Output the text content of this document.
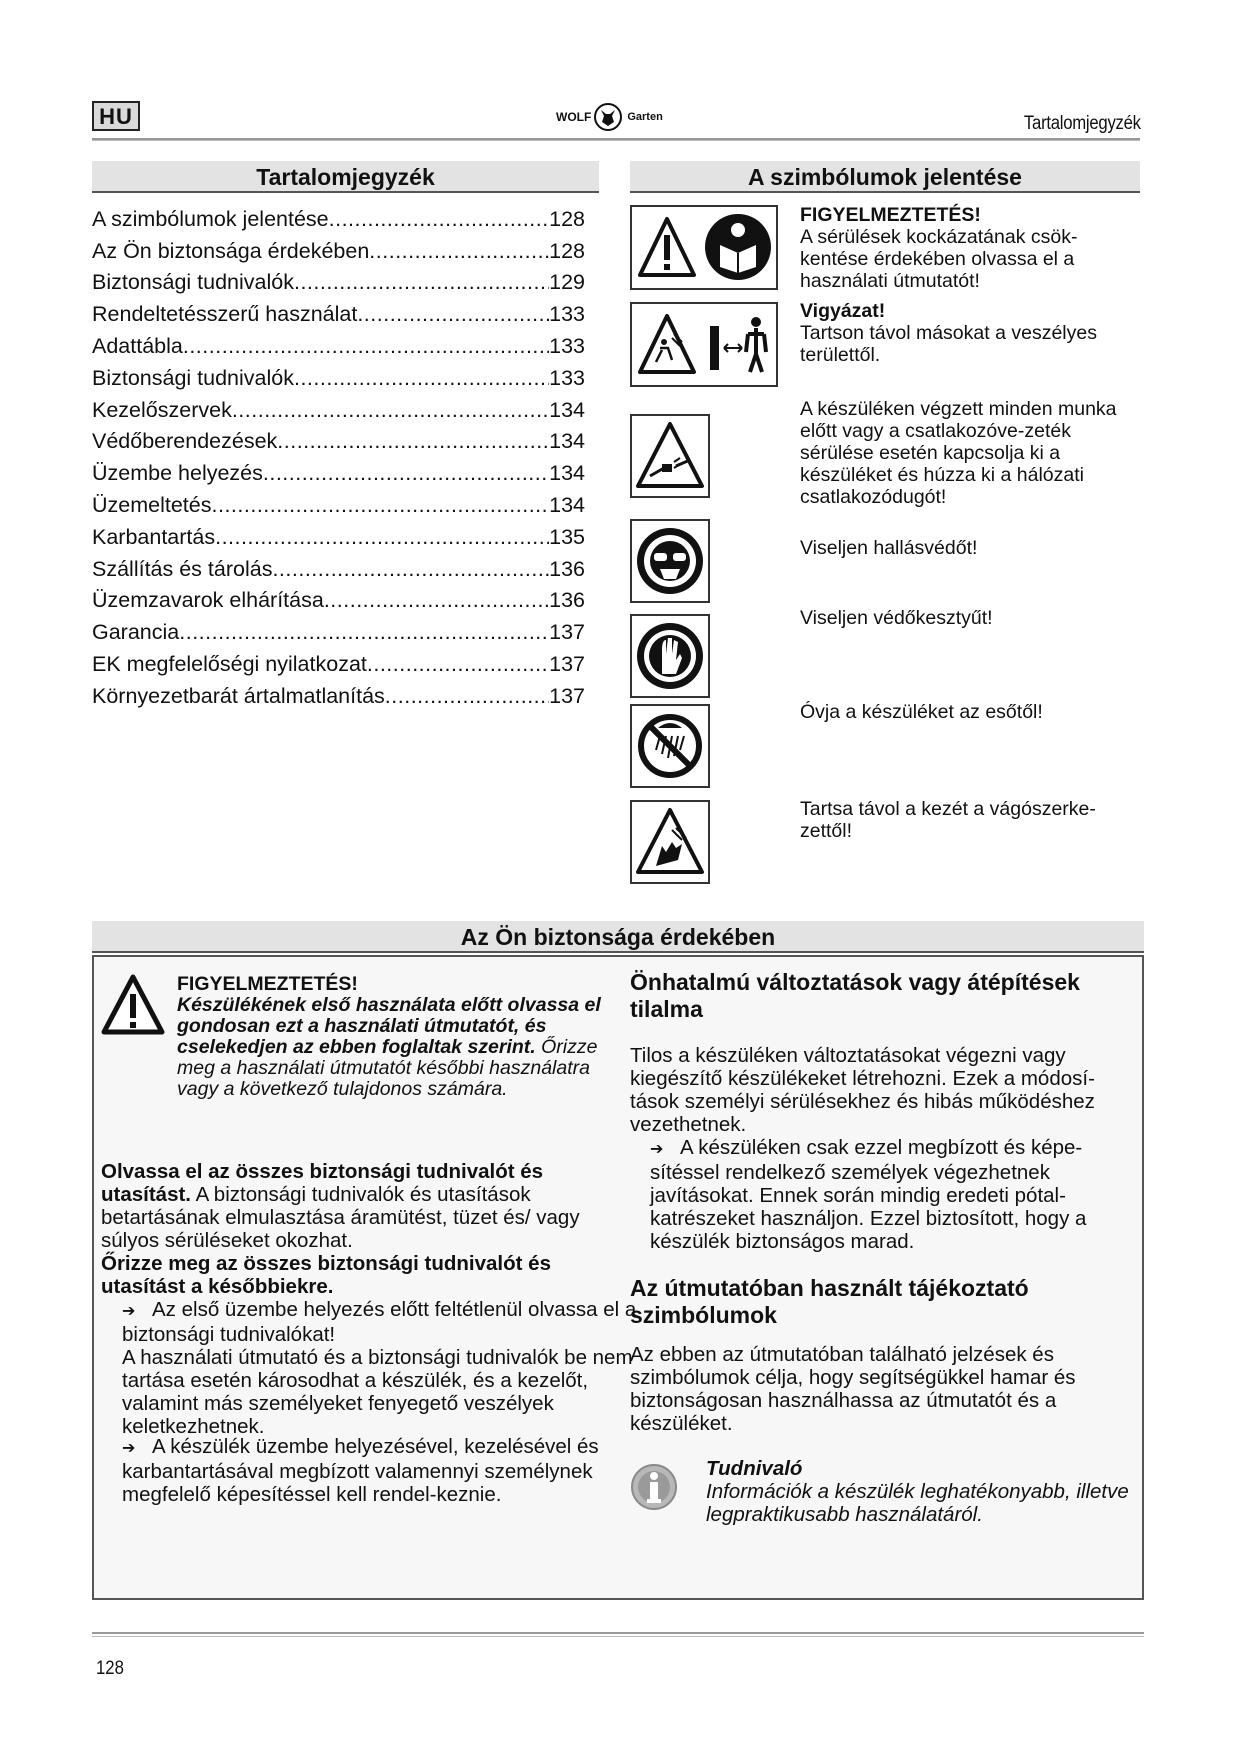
HU	WOLF	Garten	Tartalomjegyzék
Tartalomjegyzék
A szimbólumok jelentése .....	128
Az Ön biztonsága érdekében .....	128
Biztonsági tudnivalók .....	129
Rendeltetésszerű használat .....	133
Adattábla .....	133
Biztonsági tudnivalók .....	133
Kezelőszervek .....	134
Védőberendezések .....	134
Üzembe helyezés .....	134
Üzemeltetés .....	134
Karbantartás .....	135
Szállítás és tárolás .....	136
Üzemzavarok elhárítása .....	136
Garancia .....	137
EK megfelelőségi nyilatkozat .....	137
Környezetbarát ártalmatlanítás .....	137
A szimbólumok jelentése
FIGYELMEZTETÉS!
A sérülések kockázatának csök-kentése érdekében olvassa el a használati útmutatót!
Vigyázat!
Tartson távol másokat a veszélyes területtől.
A készüléken végzett minden munka előtt vagy a csatlakozóve-zeték sérülése esetén kapcsolja ki a készüléket és húzza ki a hálózati csatlakozódugót!
Viseljen hallásvédőt!
Viseljen védőkesztyűt!
Óvja a készüléket az esőtől!
Tartsa távol a kezét a vágószerke-zettől!
Az Ön biztonsága érdekében
FIGYELMEZTETÉS!
Készülékének első használata előtt olvassa el gondosan ezt a használati útmutatót, és cselekedjen az ebben foglaltak szerint. Őrizze meg a használati útmutatót későbbi használatra vagy a következő tulajdonos számára.
Olvassa el az összes biztonsági tudnivalót és utasítást. A biztonsági tudnivalók és utasítások betartásának elmulasztása áramütést, tüzet és/ vagy súlyos sérüléseket okozhat.
Őrizze meg az összes biztonsági tudnivalót és utasítást a későbbiekre.
➔ Az első üzembe helyezés előtt feltétlenül olvassa el a biztonsági tudnivalókat!
A használati útmutató és a biztonsági tudnivalók be nem tartása esetén károsodhat a készülék, és a kezelőt, valamint más személyeket fenyegető veszélyek keletkezhetnek.
➔ A készülék üzembe helyezésével, kezelésével és karbantartásával megbízott valamennyi személynek megfelelő képesítéssel kell rendel-keznie.
Önhatalmú változtatások vagy átépítések tilalma
Tilos a készüléken változtatásokat végezni vagy kiegészítő készülékeket létrehozni. Ezek a módosí-tások személyi sérülésekhez és hibás működéshez vezethetnek.
➔ A készüléken csak ezzel megbízott és képe-sítéssel rendelkező személyek végezhetnek javításokat. Ennek során mindig eredeti pótal-katrészeket használjon. Ezzel biztosított, hogy a készülék biztonságos marad.
Az útmutatóban használt tájékoztató szimbólumok
Az ebben az útmutatóban található jelzések és szimbólumok célja, hogy segítségükkel hamar és biztonságosan használhassa az útmutatót és a készüléket.
Tudnivaló
Információk a készülék leghatékonyabb, illetve legpraktikusabb használatáról.
128
